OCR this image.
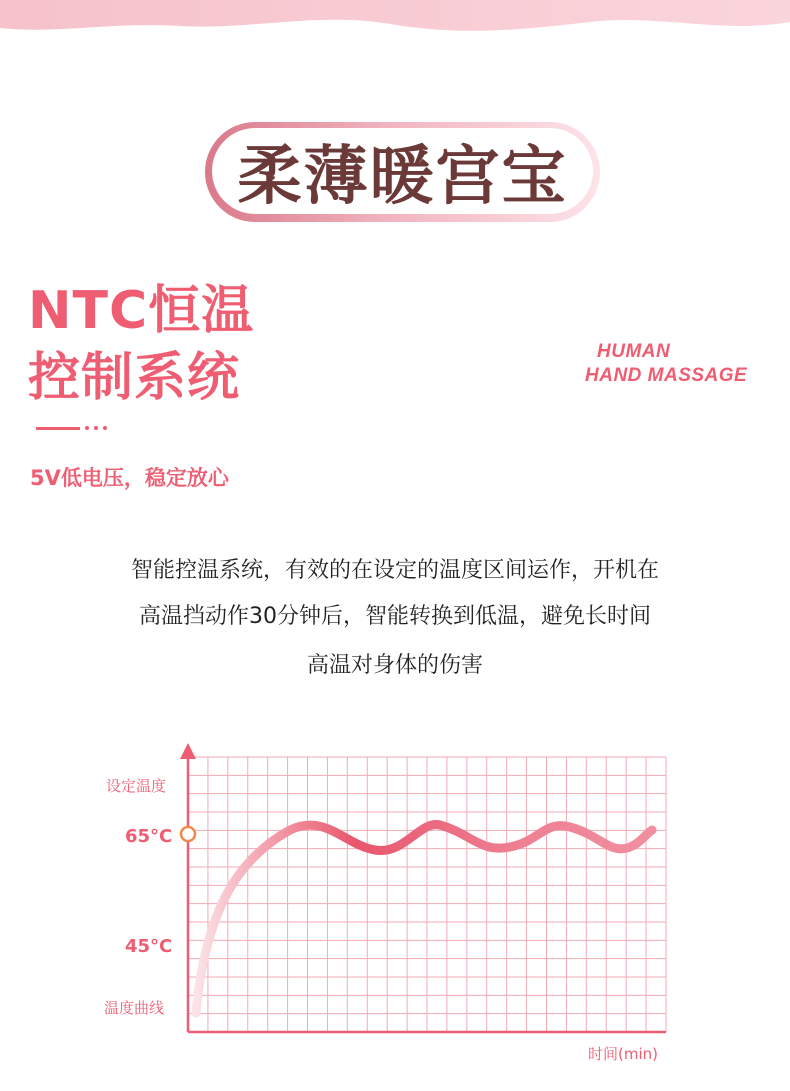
柔薄暖宫宝
NTC恒温
控制系统
5V低电压，稳定放心
HUMAN
HAND MASSAGE
智能控温系统，有效的在设定的温度区间运作，开机在
高温挡动作30分钟后，智能转换到低温，避免长时间
高温对身体的伤害
设定温度
65°C
45°C
温度曲线
时间(min)
